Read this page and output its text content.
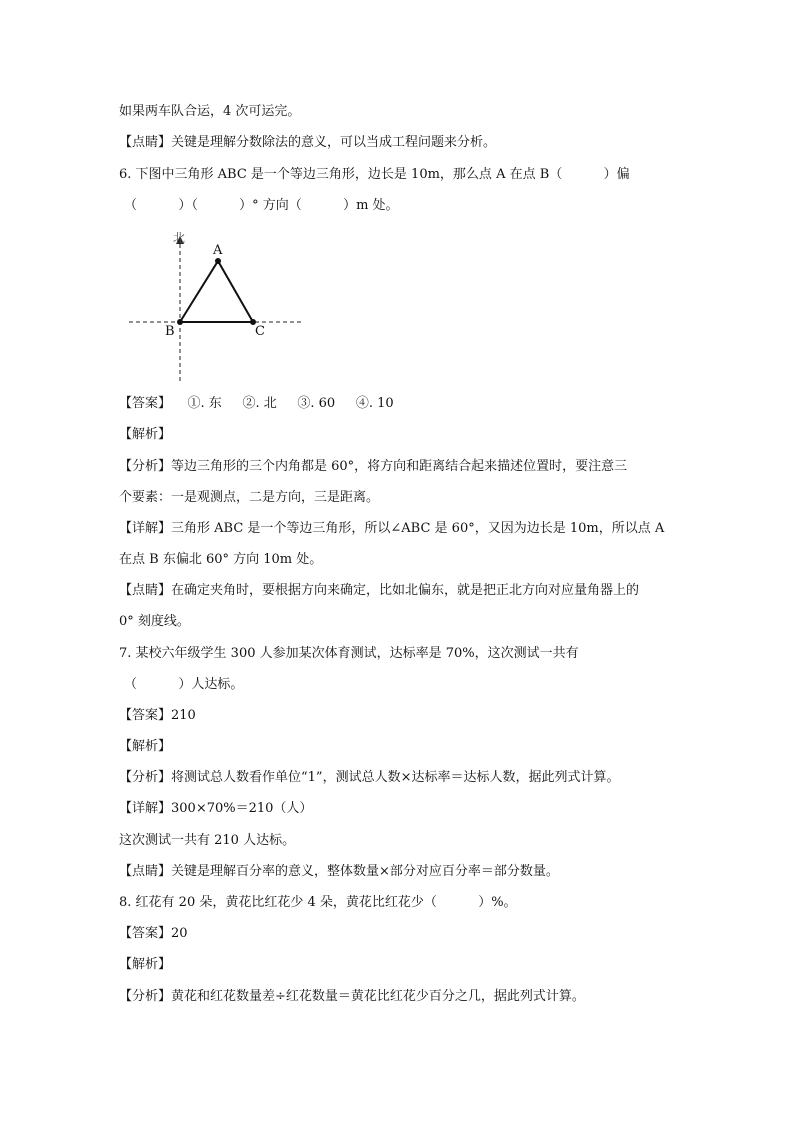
如果两车队合运，4 次可运完。
【点睛】关键是理解分数除法的意义，可以当成工程问题来分析。
6. 下图中三角形 ABC 是一个等边三角形，边长是 10m，那么点 A 在点 B（          ）偏
（          ）（          ）° 方向（          ）m 处。
北
A
B	C
【答案】    ①. 东     ②. 北     ③. 60     ④. 10
【解析】
【分析】等边三角形的三个内角都是 60°，将方向和距离结合起来描述位置时，要注意三
个要素：一是观测点，二是方向，三是距离。
【详解】三角形 ABC 是一个等边三角形，所以∠ABC 是 60°，又因为边长是 10m，所以点 A
在点 B 东偏北 60° 方向 10m 处。
【点睛】在确定夹角时，要根据方向来确定，比如北偏东，就是把正北方向对应量角器上的
0° 刻度线。
7. 某校六年级学生 300 人参加某次体育测试，达标率是 70%，这次测试一共有
（          ）人达标。
【答案】210
【解析】
【分析】将测试总人数看作单位“1”，测试总人数×达标率＝达标人数，据此列式计算。
【详解】300×70%＝210（人）
这次测试一共有 210 人达标。
【点睛】关键是理解百分率的意义，整体数量×部分对应百分率＝部分数量。
8. 红花有 20 朵，黄花比红花少 4 朵，黄花比红花少（          ）%。
【答案】20
【解析】
【分析】黄花和红花数量差÷红花数量＝黄花比红花少百分之几，据此列式计算。
